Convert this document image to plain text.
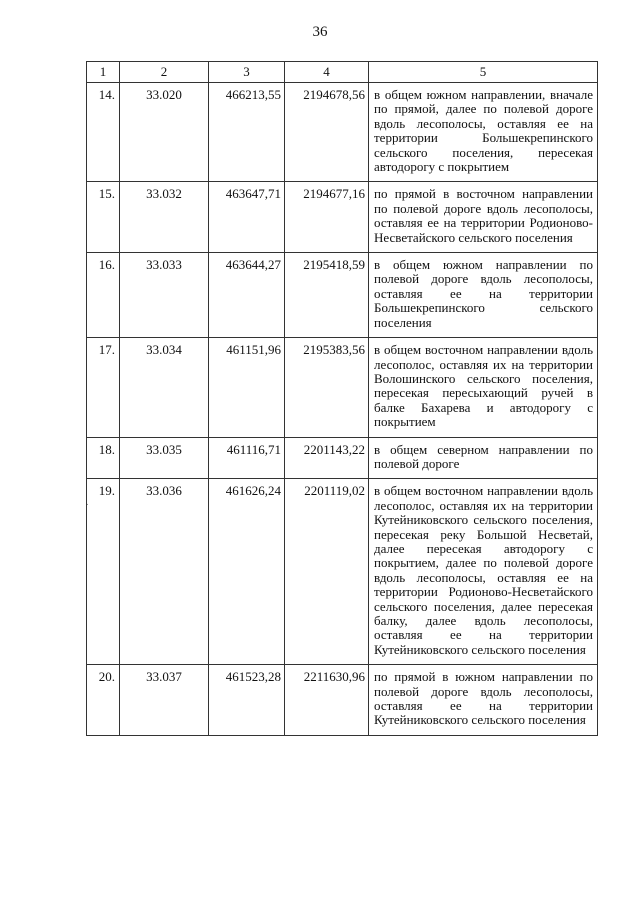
36
.
1	2	3	4	5
14.	33.020	466213,55	2194678,56	в общем южном направлении, вначале по прямой, далее по полевой дороге вдоль лесополосы, оставляя ее на территории Большекрепинского сельского поселения, пересекая автодорогу с покрытием
15.	33.032	463647,71	2194677,16	по прямой в восточном направлении по полевой дороге вдоль лесополосы, оставляя ее на территории Родионово-Несветайского сельского поселения
16.	33.033	463644,27	2195418,59	в общем южном направлении по полевой дороге вдоль лесополосы, оставляя ее на территории Большекрепинского сельского поселения
17.	33.034	461151,96	2195383,56	в общем восточном направлении вдоль лесополос, оставляя их на территории Волошинского сельского поселения, пересекая пересыхающий ручей в балке Бахарева и автодорогу с покрытием
18.	33.035	461116,71	2201143,22	в общем северном направлении по полевой дороге
19.	33.036	461626,24	2201119,02	в общем восточном направлении вдоль лесополос, оставляя их на территории Кутейниковского сельского поселения, пересекая реку Большой Несветай, далее пересекая автодорогу с покрытием, далее по полевой дороге вдоль лесополосы, оставляя ее на территории Родионово-Несветайского сельского поселения, далее пересекая балку, далее вдоль лесополосы, оставляя ее на территории Кутейниковского сельского поселения
20.	33.037	461523,28	2211630,96	по прямой в южном направлении по полевой дороге вдоль лесополосы, оставляя ее на территории Кутейниковского сельского поселения
